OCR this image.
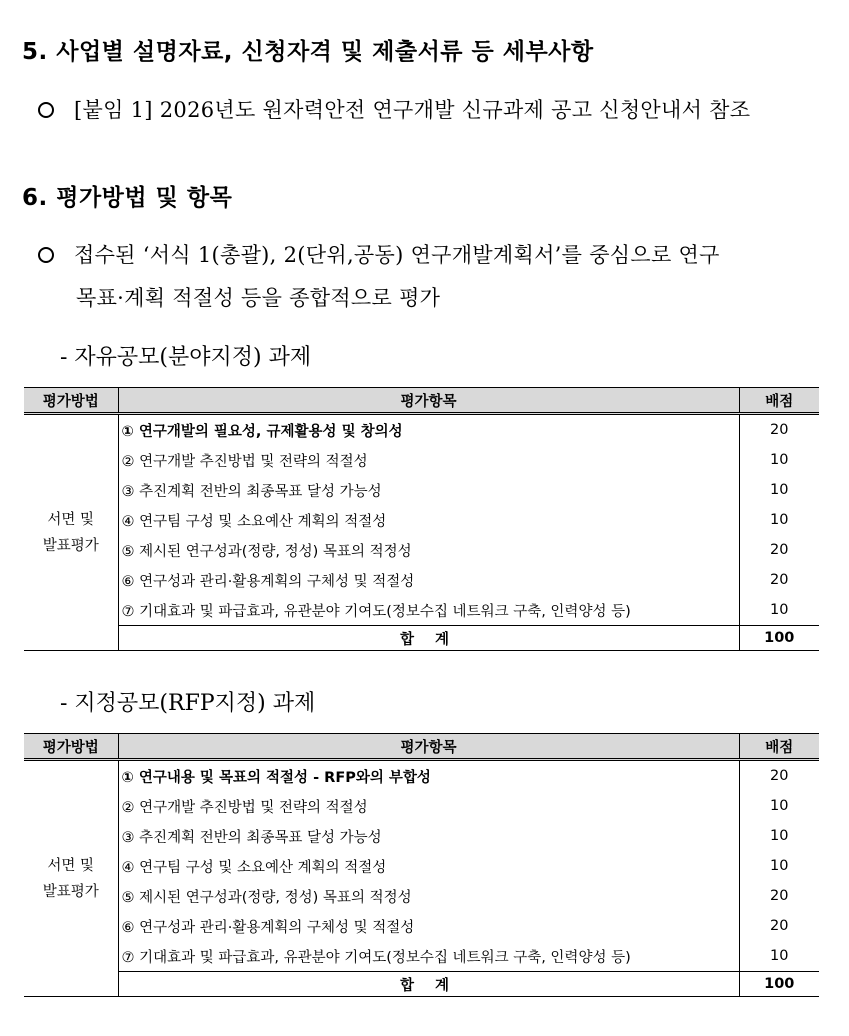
5. 사업별 설명자료, 신청자격 및 제출서류 등 세부사항
[붙임 1] 2026년도 원자력안전 연구개발 신규과제 공고 신청안내서 참조
6. 평가방법 및 항목
접수된 ‘서식 1(총괄), 2(단위,공동) 연구개발계획서’를 중심으로 연구
목표·계획 적절성 등을 종합적으로 평가
- 자유공모(분야지정) 과제
평가방법	평가항목	배점

서면 및
발표평가	① 연구개발의 필요성, 규제활용성 및 창의성	20
	② 연구개발 추진방법 및 전략의 적절성	10
	③ 추진계획 전반의 최종목표 달성 가능성	10
	④ 연구팀 구성 및 소요예산 계획의 적절성	10
	⑤ 제시된 연구성과(정량, 정성) 목표의 적정성	20
	⑥ 연구성과 관리·활용계획의 구체성 및 적절성	20
	⑦ 기대효과 및 파급효과, 유관분야 기여도(정보수집 네트워크 구축, 인력양성 등)	10
	합 계	100
- 지정공모(RFP지정) 과제
평가방법	평가항목	배점

서면 및
발표평가	① 연구내용 및 목표의 적절성 - RFP와의 부합성	20
	② 연구개발 추진방법 및 전략의 적절성	10
	③ 추진계획 전반의 최종목표 달성 가능성	10
	④ 연구팀 구성 및 소요예산 계획의 적절성	10
	⑤ 제시된 연구성과(정량, 정성) 목표의 적정성	20
	⑥ 연구성과 관리·활용계획의 구체성 및 적절성	20
	⑦ 기대효과 및 파급효과, 유관분야 기여도(정보수집 네트워크 구축, 인력양성 등)	10
	합 계	100
